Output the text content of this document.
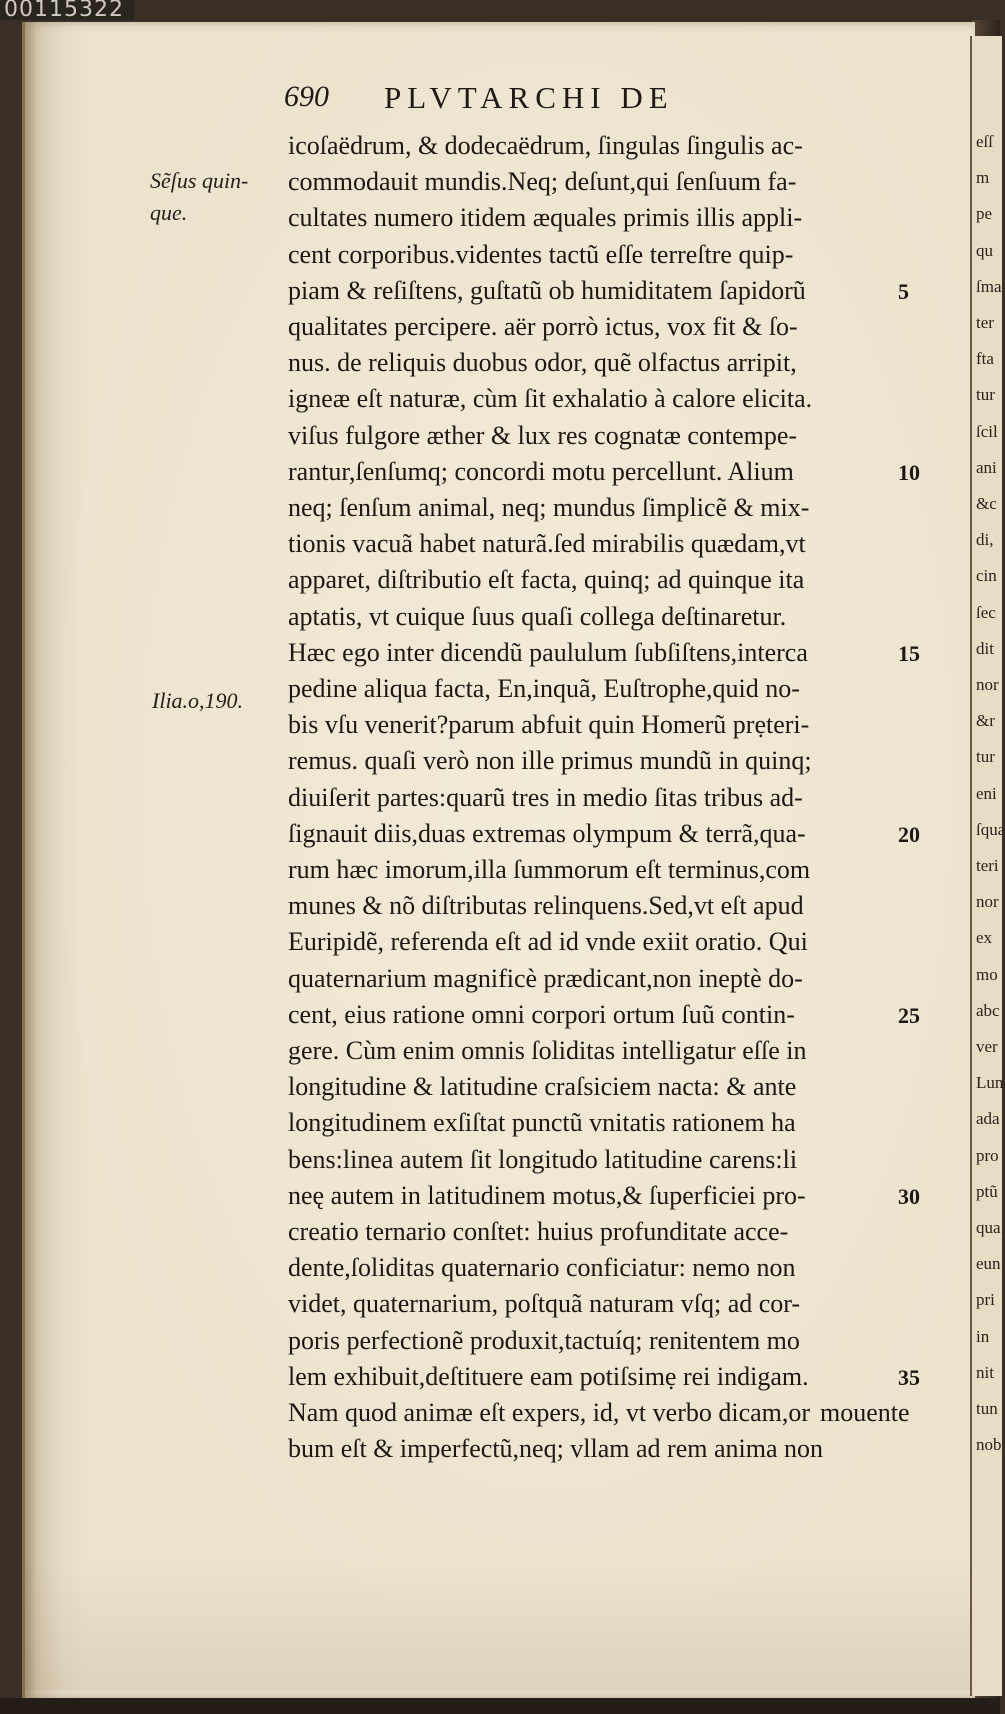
00115322
eſſ
m
pe
qu
ſma
ter
fta
tur
ſcil
ani
&c
di,
cin
ſec
dit
nor
&r
tur
eni
ſqua
teri
nor
ex
mo
abc
ver
Lun
ada
pro
ptũ
qua
eun
pri
in
nit
tun
nob
690 PLVTARCHI DE
Sẽſus quin-
que.
Ilia.o,190.
icoſaëdrum, & dodecaëdrum, ſingulas ſingulis ac-
commodauit mundis.Neq; deſunt,qui ſenſuum fa-
cultates numero itidem æquales primis illis appli-
cent corporibus.videntes tactũ eſſe terreſtre quip-
piam & reſiſtens, guſtatũ ob humiditatem ſapidorũ
qualitates percipere. aër porrò ictus, vox fit & ſo-
nus. de reliquis duobus odor, quẽ olfactus arripit,
igneæ eſt naturæ, cùm ſit exhalatio à calore elicita.
viſus fulgore æther & lux res cognatæ contempe-
rantur,ſenſumq; concordi motu percellunt. Alium
neq; ſenſum animal, neq; mundus ſimplicẽ & mix-
tionis vacuã habet naturã.ſed mirabilis quædam,vt
apparet, diſtributio eſt facta, quinq; ad quinque ita
aptatis, vt cuique ſuus quaſi collega deſtinaretur.
Hæc ego inter dicendũ paululum ſubſiſtens,interca
pedine aliqua facta, En,inquã, Euſtrophe,quid no-
bis vſu venerit?parum abfuit quin Homerũ prẹteri-
remus. quaſi verò non ille primus mundũ in quinq;
diuiſerit partes:quarũ tres in medio ſitas tribus ad-
ſignauit diis,duas extremas olympum & terrã,qua-
rum hæc imorum,illa ſummorum eſt terminus,com
munes & nõ diſtributas relinquens.Sed,vt eſt apud
Euripidẽ, referenda eſt ad id vnde exiit oratio. Qui
quaternarium magnificè prædicant,non ineptè do-
cent, eius ratione omni corpori ortum ſuũ contin-
gere. Cùm enim omnis ſoliditas intelligatur eſſe in
longitudine & latitudine craſsiciem nacta: & ante
longitudinem exſiſtat punctũ vnitatis rationem ha
bens:linea autem ſit longitudo latitudine carens:li
neę autem in latitudinem motus,& ſuperficiei pro-
creatio ternario conſtet: huius profunditate acce-
dente,ſoliditas quaternario conficiatur: nemo non
videt, quaternarium, poſtquã naturam vſq; ad cor-
poris perfectionẽ produxit,tactuíq; renitentem mo
lem exhibuit,deſtituere eam potiſsimẹ rei indigam.
Nam quod animæ eſt expers, id, vt verbo dicam,or
bum eſt & imperfectũ,neq; vllam ad rem anima non
5
10
15
20
25
30
35
mouente
